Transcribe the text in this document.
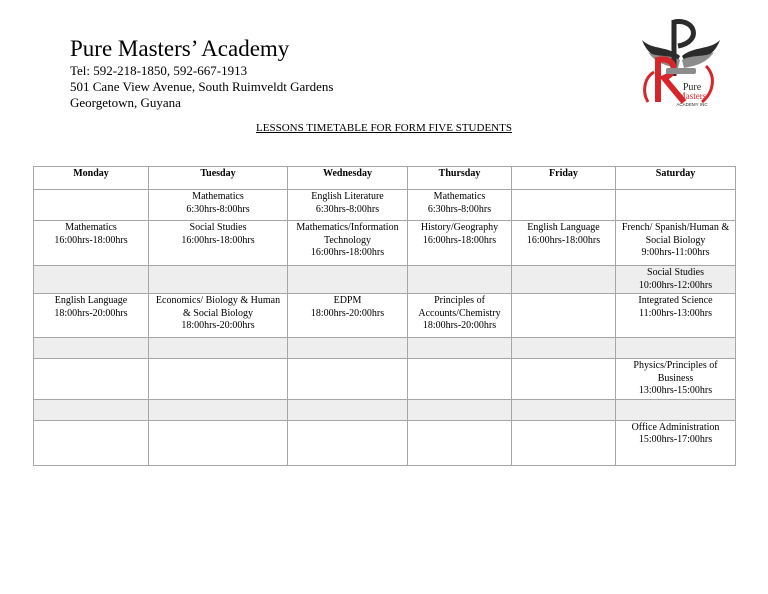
Pure Masters’ Academy
Tel: 592-218-1850, 592-667-1913
501 Cane View Avenue, South Ruimveldt Gardens
Georgetown, Guyana
Pure
Masters
ACADEMY INC
LESSONS TIMETABLE FOR FORM FIVE STUDENTS
Monday	Tuesday	Wednesday	Thursday	Friday	Saturday

	Mathematics
6:30hrs-8:00hrs	English Literature
6:30hrs-8:00hrs	Mathematics
6:30hrs-8:00hrs		

Mathematics
16:00hrs-18:00hrs	Social Studies
16:00hrs-18:00hrs	Mathematics/Information Technology
16:00hrs-18:00hrs	History/Geography
16:00hrs-18:00hrs	English Language
16:00hrs-18:00hrs	French/ Spanish/Human & Social Biology
9:00hrs-11:00hrs

					Social Studies
10:00hrs-12:00hrs

English Language
18:00hrs-20:00hrs	Economics/ Biology & Human & Social Biology
18:00hrs-20:00hrs	EDPM
18:00hrs-20:00hrs	Principles of Accounts/Chemistry
18:00hrs-20:00hrs		Integrated Science
11:00hrs-13:00hrs

					Physics/Principles of Business
13:00hrs-15:00hrs

					Office Administration
15:00hrs-17:00hrs
